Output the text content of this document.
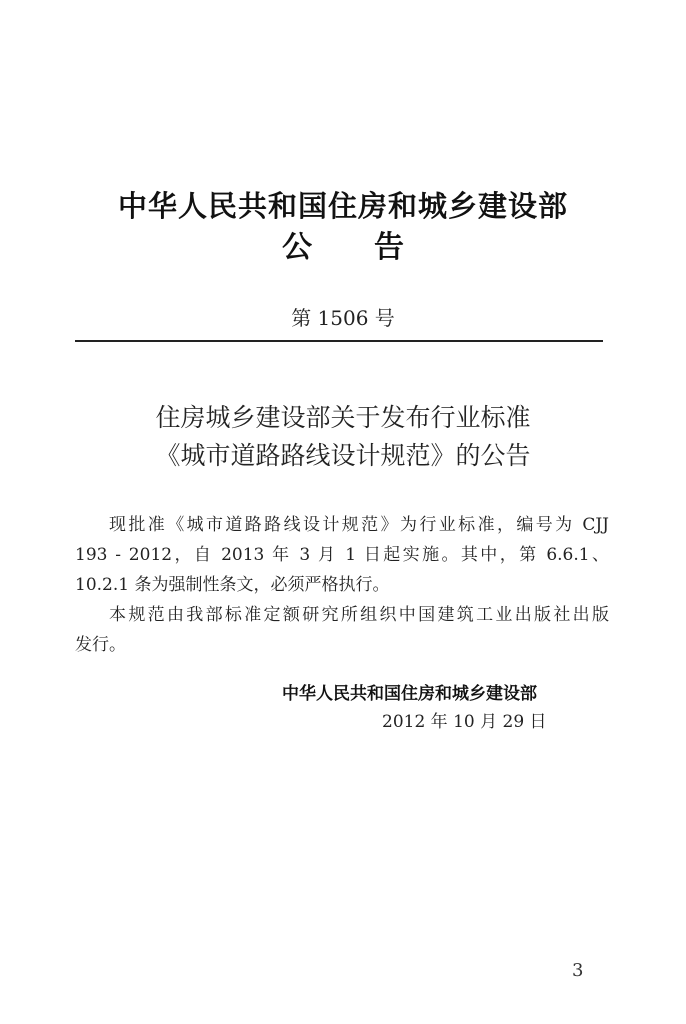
中华人民共和国住房和城乡建设部
公告
第 1506 号
住房城乡建设部关于发布行业标准
《城市道路路线设计规范》的公告
现批准《城市道路路线设计规范》为行业标准，编号为 CJJ
193 - 2012，自 2013 年 3 月 1 日起实施。其中，第 6.6.1、
10.2.1 条为强制性条文，必须严格执行。
本规范由我部标准定额研究所组织中国建筑工业出版社出版
发行。
中华人民共和国住房和城乡建设部
2012 年 10 月 29 日
3
